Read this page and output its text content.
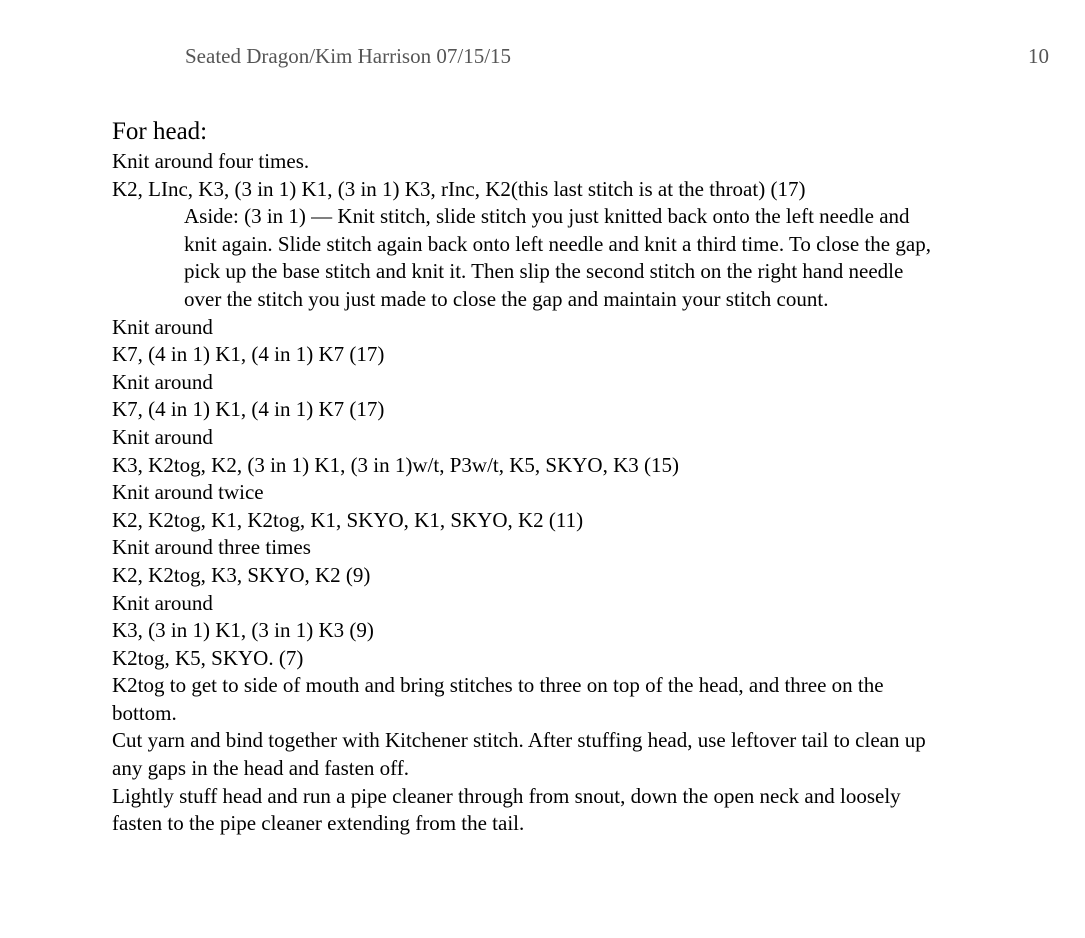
Seated Dragon/Kim Harrison 07/15/15	10

For head:

Knit around four times.

K2, LInc, K3, (3 in 1) K1, (3 in 1) K3, rInc, K2(this last stitch is at the throat) (17)

Aside: (3 in 1) — Knit stitch, slide stitch you just knitted back onto the left needle and

knit again. Slide stitch again back onto left needle and knit a third time. To close the gap,

pick up the base stitch and knit it. Then slip the second stitch on the right hand needle

over the stitch you just made to close the gap and maintain your stitch count.

Knit around

K7, (4 in 1) K1, (4 in 1) K7 (17)

Knit around

K7, (4 in 1) K1, (4 in 1) K7 (17)

Knit around

K3, K2tog, K2, (3 in 1) K1, (3 in 1)w/t, P3w/t, K5, SKYO, K3 (15)

Knit around twice

K2, K2tog, K1, K2tog, K1, SKYO, K1, SKYO, K2 (11)

Knit around three times

K2, K2tog, K3, SKYO, K2 (9)

Knit around

K3, (3 in 1) K1, (3 in 1) K3 (9)

K2tog, K5, SKYO. (7)

K2tog to get to side of mouth and bring stitches to three on top of the head, and three on the

bottom.

Cut yarn and bind together with Kitchener stitch. After stuffing head, use leftover tail to clean up

any gaps in the head and fasten off.

Lightly stuff head and run a pipe cleaner through from snout, down the open neck and loosely

fasten to the pipe cleaner extending from the tail.
